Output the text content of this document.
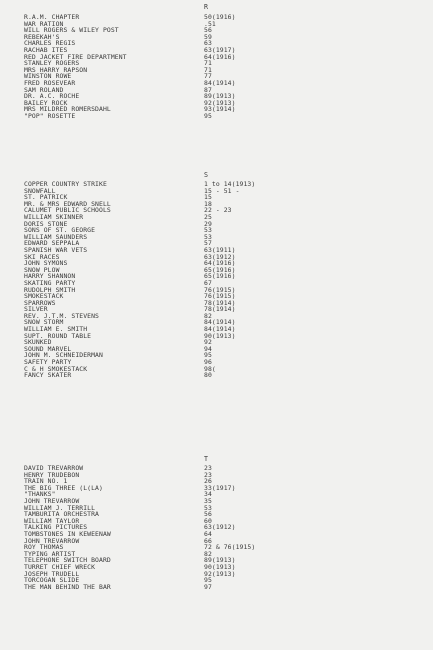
R
R.A.M. CHAPTER	50(1916)
WAR RATION	.51
WILL ROGERS & WILEY POST	56
REBEKAH'S	59
CHARLES REGIS	63
RACHAB ITES	63(1917)
RED JACKET FIRE DEPARTMENT	64(1916)
STANLEY ROGERS	71
MRS HARRY RAPSON	71
WINSTON ROWE	77
FRED ROSEVEAR	84(1914)
SAM ROLAND	87
DR. A.C. ROCHE	89(1913)
BAILEY ROCK	92(1913)
MRS MILDRED ROMERSDAHL	93(1914)
"POP" ROSETTE	95
S
COPPER COUNTRY STRIKE	1 to 14(1913)
SNOWFALL	15 - 51 -
ST. PATRICK	15
MR. & MRS EDWARD SNELL	18
CALUMET PUBLIC SCHOOLS	22 - 23
WILLIAM SKINNER	25
DORIS STONE	29
SONS OF ST. GEORGE	53
WILLIAM SAUNDERS	53
EDWARD SEPPALA	57
SPANISH WAR VETS	63(1911)
SKI RACES	63(1912)
JOHN SYMONS	64(1916)
SNOW PLOW	65(1916)
HARRY SHANNON	65(1916)
SKATING PARTY	67
RUDOLPH SMITH	76(1915)
SMOKESTACK	76(1915)
SPARROWS	78(1914)
SILVER	78(1914)
REV. J.T.M. STEVENS	82
SNOW STORM	84(1914)
WILLIAM E. SMITH	84(1914)
SUPT. ROUND TABLE	90(1913)
SKUNKED	92
SOUND MARVEL	94
JOHN M. SCHNEIDERMAN	95
SAFETY PARTY	96
C & H SMOKESTACK	98(
FANCY SKATER	80
T
DAVID TREVARROW	23
HENRY TRUDEBON	23
TRAIN NO. 1	26
THE BIG THREE (L(LA)	33(1917)
"THANKS"	34
JOHN TREVARROW	35
WILLIAM J. TERRILL	53
TAMBURITA ORCHESTRA	56
WILLIAM TAYLOR	60
TALKING PICTURES	63(1912)
TOMBSTONES IN KEWEENAW	64
JOHN TREVARROW	66
ROY THOMAS	72 & 76(1915)
TYPING ARTIST	82
TELEPHONE SWITCH BOARD	89(1913)
TURRET CHIEF WRECK	90(1913)
JOSEPH TRUDELL	92(1913)
TORCOGAN SLIDE	95
THE MAN BEHIND THE BAR	97
